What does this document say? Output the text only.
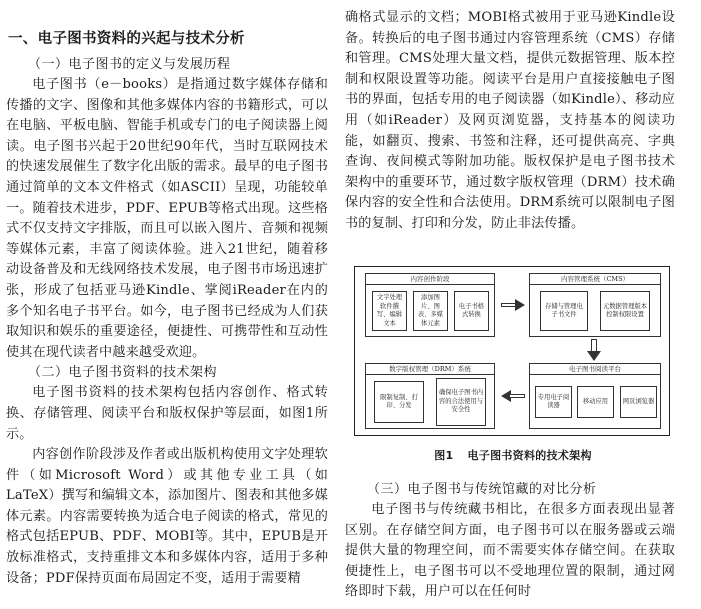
一、电子图书资料的兴起与技术分析
（一）电子图书的定义与发展历程

电子图书（e－books）是指通过数字媒体存储和传播的文字、图像和其他多媒体内容的书籍形式，可以在电脑、平板电脑、智能手机或专门的电子阅读器上阅读。电子图书兴起于20世纪90年代，当时互联网技术的快速发展催生了数字化出版的需求。最早的电子图书通过简单的文本文件格式（如ASCII）呈现，功能较单一。随着技术进步，PDF、EPUB等格式出现。这些格式不仅支持文字排版，而且可以嵌入图片、音频和视频等媒体元素，丰富了阅读体验。进入21世纪，随着移动设备普及和无线网络技术发展，电子图书市场迅速扩张，形成了包括亚马逊Kindle、掌阅iReader在内的多个知名电子书平台。如今，电子图书已经成为人们获取知识和娱乐的重要途径，便捷性、可携带性和互动性使其在现代读者中越来越受欢迎。

（二）电子图书资料的技术架构

电子图书资料的技术架构包括内容创作、格式转换、存储管理、阅读平台和版权保护等层面，如图1所示。

内容创作阶段涉及作者或出版机构使用文字处理软件（如Microsoft Word）或其他专业工具（如LaTeX）撰写和编辑文本，添加图片、图表和其他多媒体元素。内容需要转换为适合电子阅读的格式，常见的格式包括EPUB、PDF、MOBI等。其中，EPUB是开放标准格式，支持重排文本和多媒体内容，适用于多种设备；PDF保持页面布局固定不变，适用于需要精

确格式显示的文档；MOBI格式被用于亚马逊Kindle设备。转换后的电子图书通过内容管理系统（CMS）存储和管理。CMS处理大量文档，提供元数据管理、版本控制和权限设置等功能。阅读平台是用户直接接触电子图书的界面，包括专用的电子阅读器（如Kindle）、移动应用（如iReader）及网页浏览器，支持基本的阅读功能，如翻页、搜索、书签和注释，还可提供高亮、字典查询、夜间模式等附加功能。版权保护是电子图书技术架构中的重要环节，通过数字版权管理（DRM）技术确保内容的安全性和合法使用。DRM系统可以限制电子图书的复制、打印和分发，防止非法传播。

（三）电子图书与传统馆藏的对比分析

电子图书与传统藏书相比，在很多方面表现出显著区别。在存储空间方面，电子图书可以在服务器或云端提供大量的物理空间，而不需要实体存储空间。在获取便捷性上，电子图书可以不受地理位置的限制，通过网络即时下载，用户可以在任何时

内容创作阶段
文字处理软件撰写、编辑文本
添加图片、图表、多媒体元素
电子书格式转换
内容管理系统（CMS）
存储与管理电子书文件
元数据管理版本控制权限设置
数字版权管理（DRM）系统
限制复制、打印、分发
确保电子图书内容的合法使用与安全性
电子图书阅读平台
专用电子阅读器
移动应用	网页浏览器
图1 电子图书资料的技术架构
